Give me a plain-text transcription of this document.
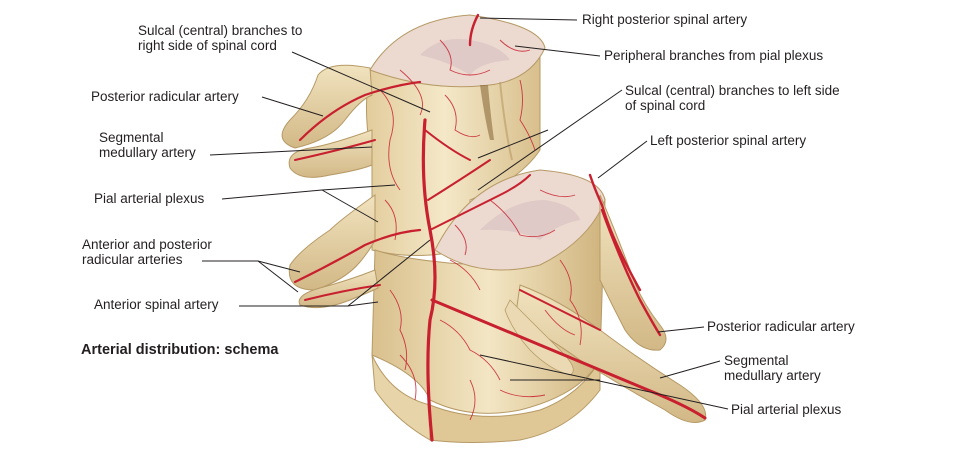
Sulcal (central) branches to
right side of spinal cord
Posterior radicular artery
Segmental
medullary artery
Pial arterial plexus
Anterior and posterior
radicular arteries
Anterior spinal artery
Arterial distribution: schema
Right posterior spinal artery
Peripheral branches from pial plexus
Sulcal (central) branches to left side
of spinal cord
Left posterior spinal artery
Posterior radicular artery
Segmental
medullary artery
Pial arterial plexus
